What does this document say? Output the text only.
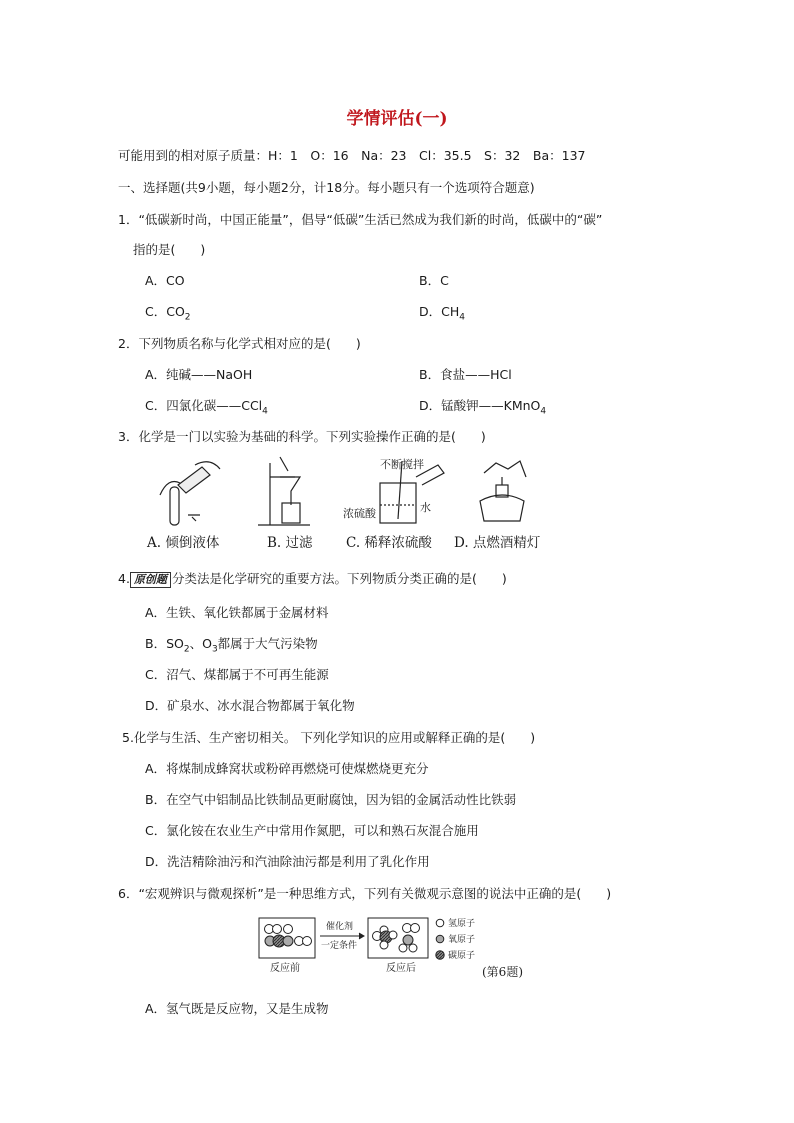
学情评估(一)
可能用到的相对原子质量：H：1　O：16　Na：23　Cl：35.5　S：32　Ba：137
一、选择题(共9小题，每小题2分，计18分。每小题只有一个选项符合题意)
1．“低碳新时尚，中国正能量”，倡导“低碳”生活已然成为我们新的时尚，低碳中的“碳”
指的是(　　)
A．CO	B．C
C．$CO_2$	D．$CH_4$
2．下列物质名称与化学式相对应的是(　　)
A．纯碱——NaOH	B．食盐——HCl
C．四氯化碳——CCl$_4$	D．锰酸钾——KMnO$_4$
3．化学是一门以实验为基础的科学。下列实验操作正确的是(　　)
不断搅拌
浓硫酸	水
A. 倾倒液体	B. 过滤 C. 稀释浓硫酸 D. 点燃酒精灯
4. 原创题 分类法是化学研究的重要方法。下列物质分类正确的是(　　)
A．生铁、氧化铁都属于金属材料
B．$SO_2$、$O_3$都属于大气污染物
C．沼气、煤都属于不可再生能源
D．矿泉水、冰水混合物都属于氧化物
5.化学与生活、生产密切相关。 下列化学知识的应用或解释正确的是(　　)
A．将煤制成蜂窝状或粉碎再燃烧可使煤燃烧更充分
B．在空气中铝制品比铁制品更耐腐蚀，因为铝的金属活动性比铁弱
C．氯化铵在农业生产中常用作氮肥，可以和熟石灰混合施用
D．洗洁精除油污和汽油除油污都是利用了乳化作用
6．“宏观辨识与微观探析”是一种思维方式，下列有关微观示意图的说法中正确的是(　　)
催化剂
一定条件
反应前	反应后
氢原子
氧原子
碳原子
(第6题)
A．氢气既是反应物，又是生成物
